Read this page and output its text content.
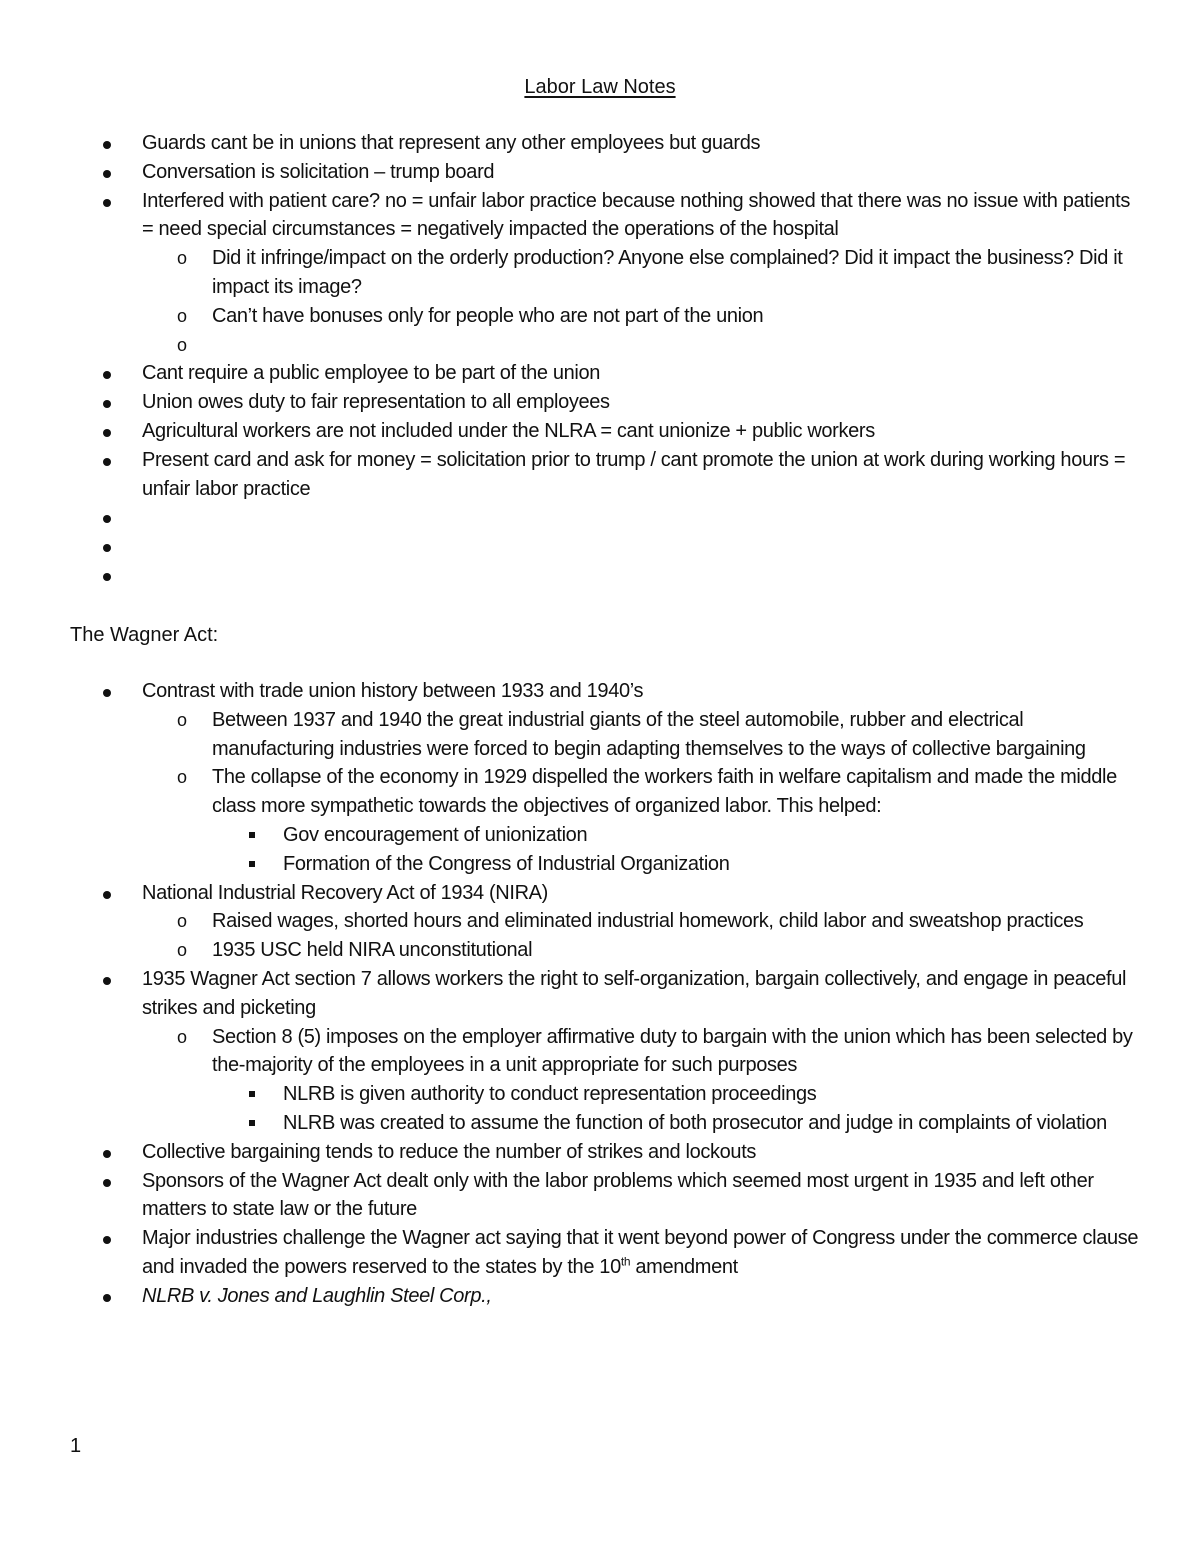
Labor Law Notes
Guards cant be in unions that represent any other employees but guards
Conversation is solicitation – trump board
Interfered with patient care? no = unfair labor practice because nothing showed that there was no issue with patients = need special circumstances = negatively impacted the operations of the hospital
o Did it infringe/impact on the orderly production? Anyone else complained? Did it impact the business? Did it impact its image?
o Can’t have bonuses only for people who are not part of the union
o

Cant require a public employee to be part of the union
Union owes duty to fair representation to all employees
Agricultural workers are not included under the NLRA = cant unionize + public workers
Present card and ask for money = solicitation prior to trump / cant promote the union at work during working hours = unfair labor practice

The Wagner Act:
Contrast with trade union history between 1933 and 1940’s
o Between 1937 and 1940 the great industrial giants of the steel automobile, rubber and electrical manufacturing industries were forced to begin adapting themselves to the ways of collective bargaining
o The collapse of the economy in 1929 dispelled the workers faith in welfare capitalism and made the middle class more sympathetic towards the objectives of organized labor. This helped:
Gov encouragement of unionization
Formation of the Congress of Industrial Organization
National Industrial Recovery Act of 1934 (NIRA)
o Raised wages, shorted hours and eliminated industrial homework, child labor and sweatshop practices
o 1935 USC held NIRA unconstitutional
1935 Wagner Act section 7 allows workers the right to self-organization, bargain collectively, and engage in peaceful strikes and picketing
o Section 8 (5) imposes on the employer affirmative duty to bargain with the union which has been selected by the-majority of the employees in a unit appropriate for such purposes
NLRB is given authority to conduct representation proceedings
NLRB was created to assume the function of both prosecutor and judge in complaints of violation
Collective bargaining tends to reduce the number of strikes and lockouts
Sponsors of the Wagner Act dealt only with the labor problems which seemed most urgent in 1935 and left other matters to state law or the future
Major industries challenge the Wagner act saying that it went beyond power of Congress under the commerce clause and invaded the powers reserved to the states by the 10th amendment
NLRB v. Jones and Laughlin Steel Corp.,
1
